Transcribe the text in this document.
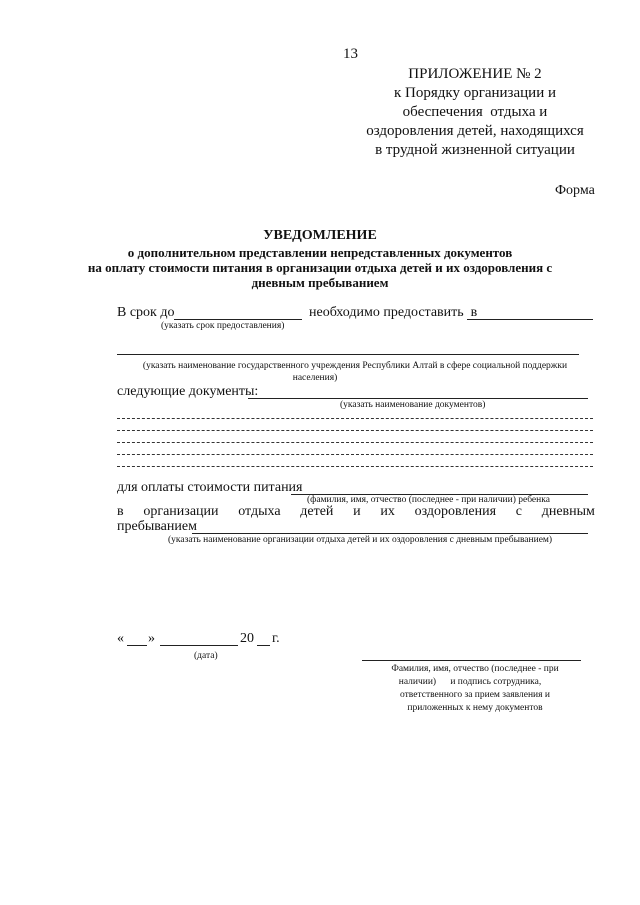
13
ПРИЛОЖЕНИЕ № 2
к Порядку организации и
обеспечения  отдыха и
оздоровления детей, находящихся
в трудной жизненной ситуации
Форма
УВЕДОМЛЕНИЕ
о дополнительном представлении непредставленных документов
на оплату стоимости питания в организации отдыха детей и их оздоровления с
дневным пребыванием
В срок до	необходимо предоставить  в
(указать срок предоставления)
(указать наименование государственного учреждения Республики Алтай в сфере социальной поддержки
населения)
следующие документы:
(указать наименование документов)
для оплаты стоимости питания
(фамилия, имя, отчество (последнее - при наличии) ребенка
в организации отдыха детей и их оздоровления с дневным
пребыванием
(указать наименование организации отдыха детей и их оздоровления с дневным пребыванием)
« »	20 г.
(дата)
Фамилия, имя, отчество (последнее - при
наличии)      и подпись сотрудника,
ответственного за прием заявления и
приложенных к нему документов
